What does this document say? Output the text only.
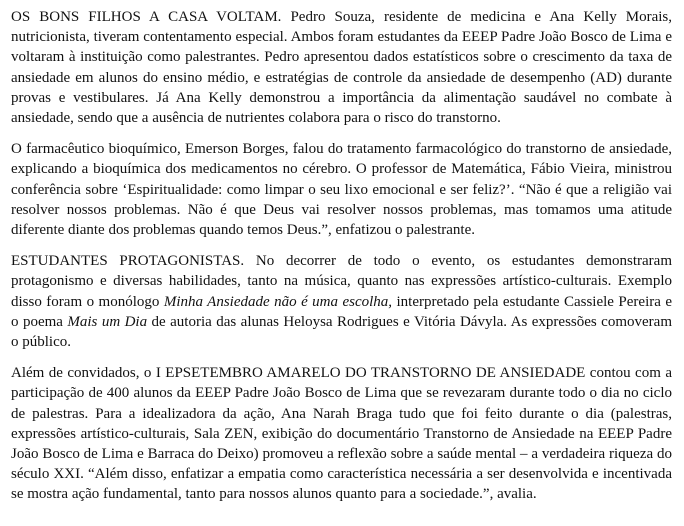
OS BONS FILHOS A CASA VOLTAM. Pedro Souza, residente de medicina e Ana Kelly Morais, nutricionista, tiveram contentamento especial. Ambos foram estudantes da EEEP Padre João Bosco de Lima e voltaram à instituição como palestrantes. Pedro apresentou dados estatísticos sobre o crescimento da taxa de ansiedade em alunos do ensino médio, e estratégias de controle da ansiedade de desempenho (AD) durante provas e vestibulares. Já Ana Kelly demonstrou a importância da alimentação saudável no combate à ansiedade, sendo que a ausência de nutrientes colabora para o risco do transtorno.

O farmacêutico bioquímico, Emerson Borges, falou do tratamento farmacológico do transtorno de ansiedade, explicando a bioquímica dos medicamentos no cérebro. O professor de Matemática, Fábio Vieira, ministrou conferência sobre ‘Espiritualidade: como limpar o seu lixo emocional e ser feliz?’. “Não é que a religião vai resolver nossos problemas. Não é que Deus vai resolver nossos problemas, mas tomamos uma atitude diferente diante dos problemas quando temos Deus.”, enfatizou o palestrante.

ESTUDANTES PROTAGONISTAS. No decorrer de todo o evento, os estudantes demonstraram protagonismo e diversas habilidades, tanto na música, quanto nas expressões artístico-culturais. Exemplo disso foram o monólogo Minha Ansiedade não é uma escolha, interpretado pela estudante Cassiele Pereira e o poema Mais um Dia de autoria das alunas Heloysa Rodrigues e Vitória Dávyla. As expressões comoveram o público.

Além de convidados, o I EPSETEMBRO AMARELO DO TRANSTORNO DE ANSIEDADE contou com a participação de 400 alunos da EEEP Padre João Bosco de Lima que se revezaram durante todo o dia no ciclo de palestras. Para a idealizadora da ação, Ana Narah Braga tudo que foi feito durante o dia (palestras, expressões artístico-culturais, Sala ZEN, exibição do documentário Transtorno de Ansiedade na EEEP Padre João Bosco de Lima e Barraca do Deixo) promoveu a reflexão sobre a saúde mental – a verdadeira riqueza do século XXI. “Além disso, enfatizar a empatia como característica necessária a ser desenvolvida e incentivada se mostra ação fundamental, tanto para nossos alunos quanto para a sociedade.”, avalia.
